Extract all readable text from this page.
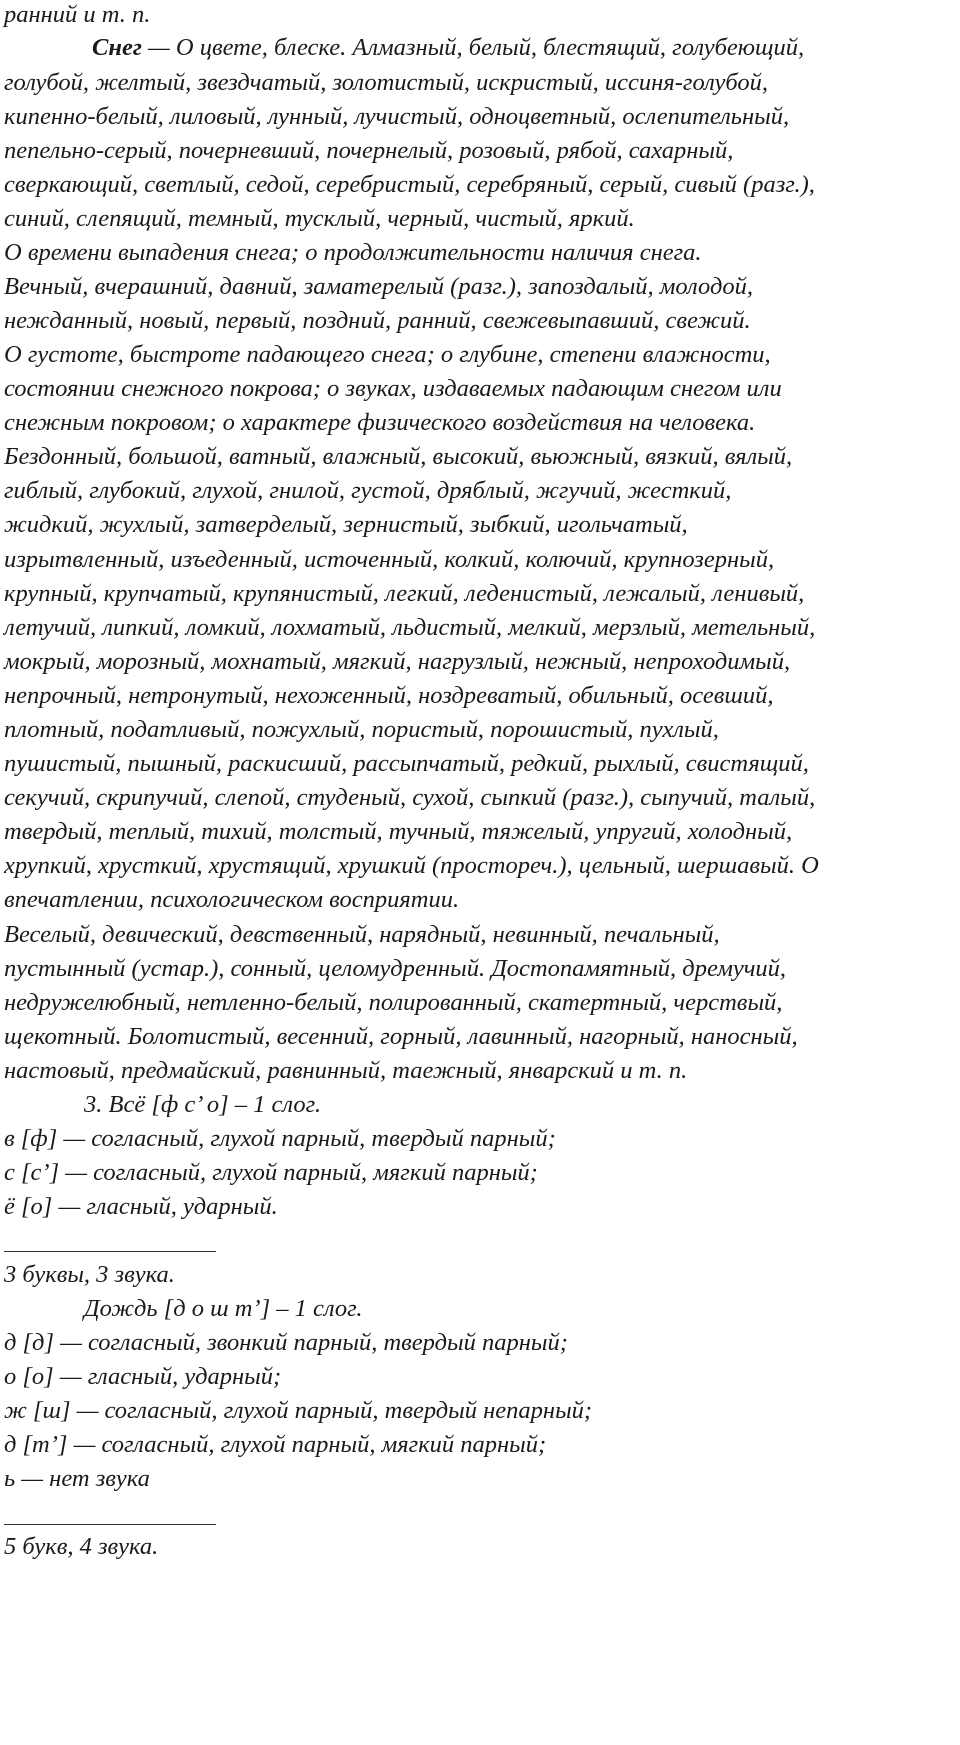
ранний и т. п.
Снег — О цвете, блеске. Алмазный, белый, блестящий, голубеющий,
голубой, желтый, звездчатый, золотистый, искристый, иссиня-голубой,
кипенно-белый, лиловый, лунный, лучистый, одноцветный, ослепительный,
пепельно-серый, почерневший, почернелый, розовый, рябой, сахарный,
сверкающий, светлый, седой, серебристый, серебряный, серый, сивый (разг.),
синий, слепящий, темный, тусклый, черный, чистый, яркий.
О времени выпадения снега; о продолжительности наличия снега.
Вечный, вчерашний, давний, заматерелый (разг.), запоздалый, молодой,
нежданный, новый, первый, поздний, ранний, свежевыпавший, свежий.
О густоте, быстроте падающего снега; о глубине, степени влажности,
состоянии снежного покрова; о звуках, издаваемых падающим снегом или
снежным покровом; о характере физического воздействия на человека.
Бездонный, большой, ватный, влажный, высокий, вьюжный, вязкий, вялый,
гиблый, глубокий, глухой, гнилой, густой, дряблый, жгучий, жесткий,
жидкий, жухлый, затверделый, зернистый, зыбкий, игольчатый,
изрытвленный, изъеденный, источенный, колкий, колючий, крупнозерный,
крупный, крупчатый, крупянистый, легкий, леденистый, лежалый, ленивый,
летучий, липкий, ломкий, лохматый, льдистый, мелкий, мерзлый, метельный,
мокрый, морозный, мохнатый, мягкий, нагрузлый, нежный, непроходимый,
непрочный, нетронутый, нехоженный, ноздреватый, обильный, осевший,
плотный, податливый, пожухлый, пористый, порошистый, пухлый,
пушистый, пышный, раскисший, рассыпчатый, редкий, рыхлый, свистящий,
секучий, скрипучий, слепой, студеный, сухой, сыпкий (разг.), сыпучий, талый,
твердый, теплый, тихий, толстый, тучный, тяжелый, упругий, холодный,
хрупкий, хрусткий, хрустящий, хрушкий (простореч.), цельный, шершавый. О
впечатлении, психологическом восприятии.
Веселый, девический, девственный, нарядный, невинный, печальный,
пустынный (устар.), сонный, целомудренный. Достопамятный, дремучий,
недружелюбный, нетленно-белый, полированный, скатертный, черствый,
щекотный. Болотистый, весенний, горный, лавинный, нагорный, наносный,
настовый, предмайский, равнинный, таежный, январский и т. п.
3. Всё [ф с’ о] – 1 слог.
в [ф] — согласный, глухой парный, твердый парный;
с [с’] — согласный, глухой парный, мягкий парный;
ё [о] — гласный, ударный.
3 буквы, 3 звука.
Дождь [д о ш т’] – 1 слог.
д [д] — согласный, звонкий парный, твердый парный;
о [о] — гласный, ударный;
ж [ш] — согласный, глухой парный, твердый непарный;
д [т’] — согласный, глухой парный, мягкий парный;
ь — нет звука
5 букв, 4 звука.
